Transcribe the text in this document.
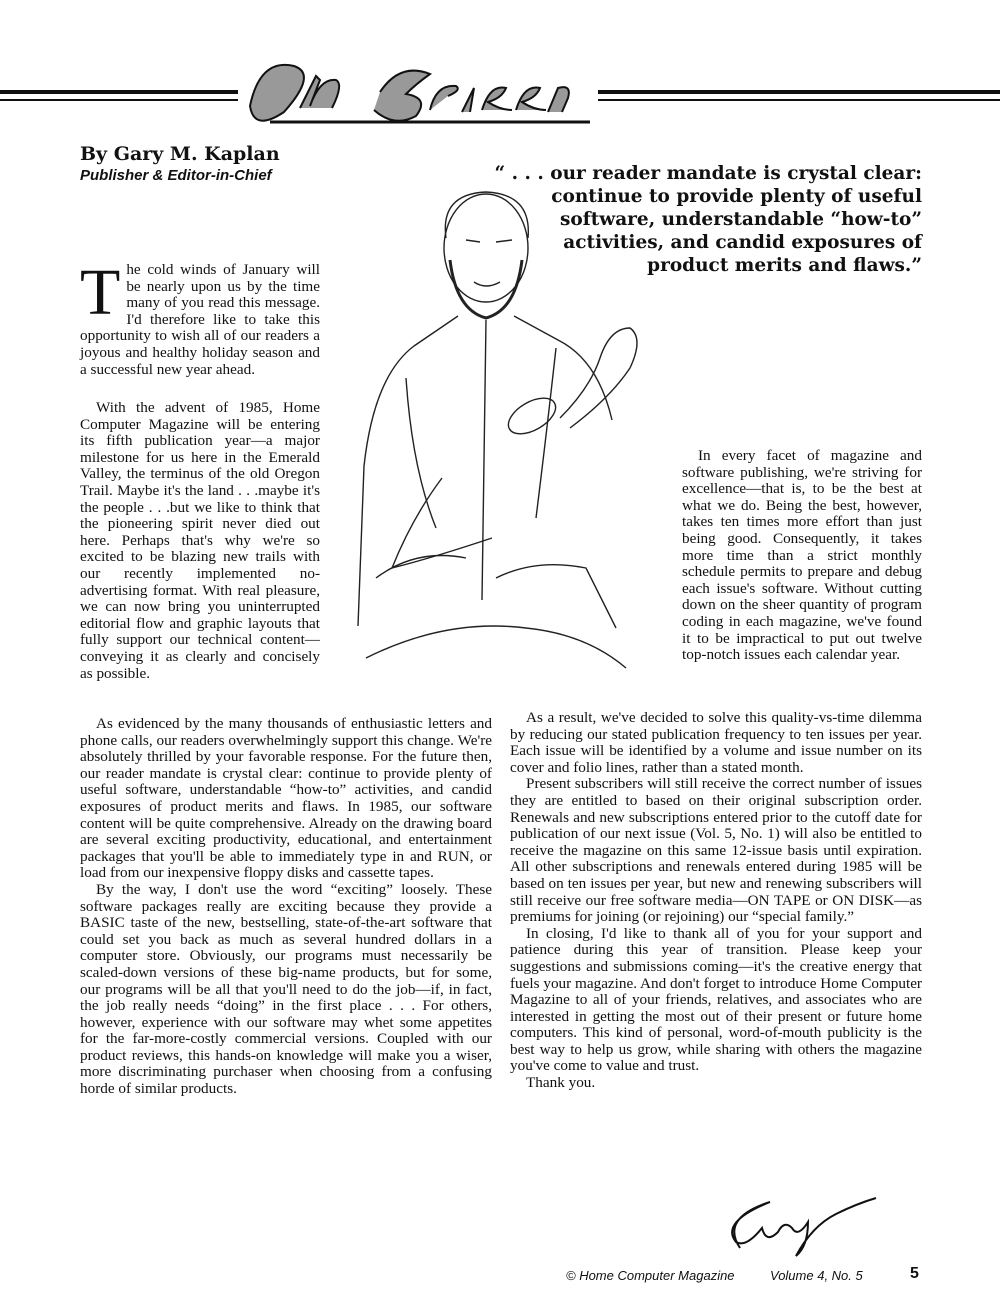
By Gary M. Kaplan
Publisher & Editor-in-Chief	“ . . . our reader mandate is crystal clear: continue to provide plenty of useful software, understandable “how-to” activities, and candid exposures of product merits and flaws.”

The cold winds of January will be nearly upon us by the time many of you read this message. I'd therefore like to take this opportunity to wish all of our readers a joyous and healthy holiday season and a successful new year ahead.

With the advent of 1985, Home Computer Magazine will be entering its fifth publication year—a major milestone for us here in the Emerald Valley, the terminus of the old Oregon Trail. Maybe it's the land . . .maybe it's the people . . .but we like to think that the pioneering spirit never died out here. Perhaps that's why we're so excited to be blazing new trails with our recently implemented no-advertising format. With real pleasure, we can now bring you uninterrupted editorial flow and graphic layouts that fully support our technical content—conveying it as clearly and concisely as possible.

As evidenced by the many thousands of enthusiastic letters and phone calls, our readers overwhelmingly support this change. We're absolutely thrilled by your favorable response. For the future then, our reader mandate is crystal clear: continue to provide plenty of useful software, understandable “how-to” activities, and candid exposures of product merits and flaws. In 1985, our software content will be quite comprehensive. Already on the drawing board are several exciting productivity, educational, and entertainment packages that you'll be able to immediately type in and RUN, or load from our inexpensive floppy disks and cassette tapes.

By the way, I don't use the word “exciting” loosely. These software packages really are exciting because they provide a BASIC taste of the new, bestselling, state-of-the-art software that could set you back as much as several hundred dollars in a computer store. Obviously, our programs must necessarily be scaled-down versions of these big-name products, but for some, our programs will be all that you'll need to do the job—if, in fact, the job really needs “doing” in the first place . . . For others, however, experience with our software may whet some appetites for the far-more-costly commercial versions. Coupled with our product reviews, this hands-on knowledge will make you a wiser, more discriminating purchaser when choosing from a confusing horde of similar products.

In every facet of magazine and software publishing, we're striving for excellence—that is, to be the best at what we do. Being the best, however, takes ten times more effort than just being good. Consequently, it takes more time than a strict monthly schedule permits to prepare and debug each issue's software. Without cutting down on the sheer quantity of program coding in each magazine, we've found it to be impractical to put out twelve top-notch issues each calendar year.

As a result, we've decided to solve this quality-vs-time dilemma by reducing our stated publication frequency to ten issues per year. Each issue will be identified by a volume and issue number on its cover and folio lines, rather than a stated month.

Present subscribers will still receive the correct number of issues they are entitled to based on their original subscription order. Renewals and new subscriptions entered prior to the cutoff date for publication of our next issue (Vol. 5, No. 1) will also be entitled to receive the magazine on this same 12-issue basis until expiration. All other subscriptions and renewals entered during 1985 will be based on ten issues per year, but new and renewing subscribers will still receive our free software media—ON TAPE or ON DISK—as premiums for joining (or rejoining) our “special family.”

In closing, I'd like to thank all of you for your support and patience during this year of transition. Please keep your suggestions and submissions coming—it's the creative energy that fuels your magazine. And don't forget to introduce Home Computer Magazine to all of your friends, relatives, and associates who are interested in getting the most out of their present or future home computers. This kind of personal, word-of-mouth publicity is the best way to help us grow, while sharing with others the magazine you've come to value and trust.

Thank you.

© Home Computer Magazine	Volume 4, No. 5	5
